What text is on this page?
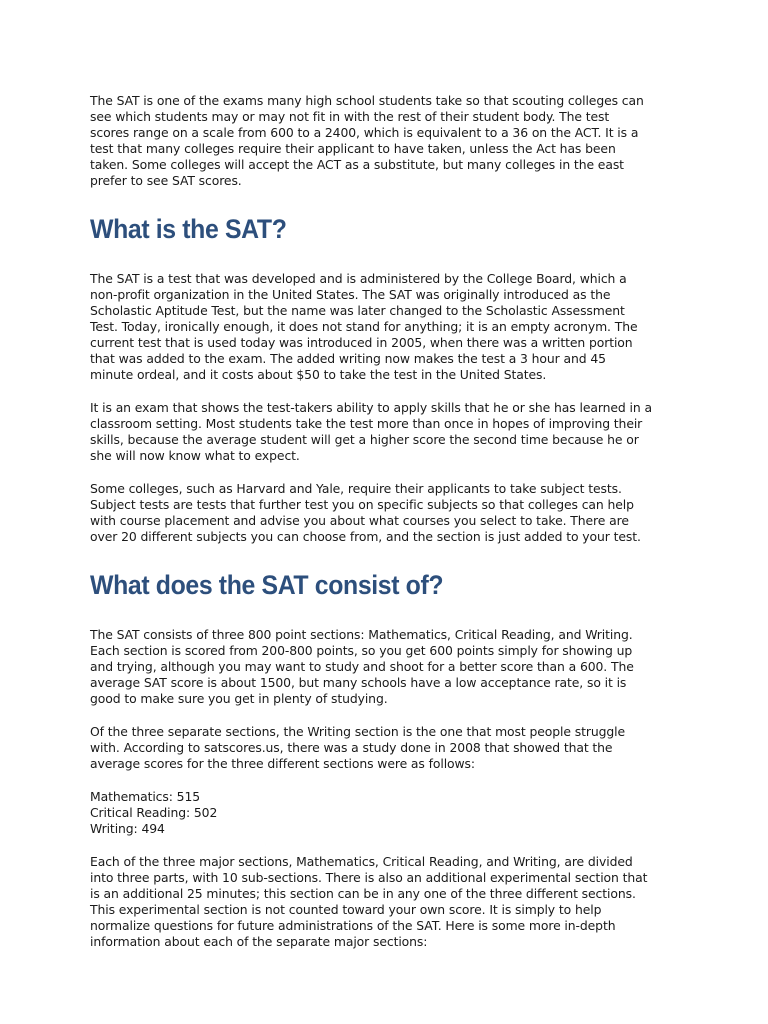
The SAT is one of the exams many high school students take so that scouting colleges can
see which students may or may not fit in with the rest of their student body. The test
scores range on a scale from 600 to a 2400, which is equivalent to a 36 on the ACT. It is a
test that many colleges require their applicant to have taken, unless the Act has been
taken. Some colleges will accept the ACT as a substitute, but many colleges in the east
prefer to see SAT scores.

What is the SAT?

The SAT is a test that was developed and is administered by the College Board, which a
non-profit organization in the United States. The SAT was originally introduced as the
Scholastic Aptitude Test, but the name was later changed to the Scholastic Assessment
Test. Today, ironically enough, it does not stand for anything; it is an empty acronym. The
current test that is used today was introduced in 2005, when there was a written portion
that was added to the exam. The added writing now makes the test a 3 hour and 45
minute ordeal, and it costs about $50 to take the test in the United States.

It is an exam that shows the test-takers ability to apply skills that he or she has learned in a
classroom setting. Most students take the test more than once in hopes of improving their
skills, because the average student will get a higher score the second time because he or
she will now know what to expect.

Some colleges, such as Harvard and Yale, require their applicants to take subject tests.
Subject tests are tests that further test you on specific subjects so that colleges can help
with course placement and advise you about what courses you select to take. There are
over 20 different subjects you can choose from, and the section is just added to your test.

What does the SAT consist of?

The SAT consists of three 800 point sections: Mathematics, Critical Reading, and Writing.
Each section is scored from 200-800 points, so you get 600 points simply for showing up
and trying, although you may want to study and shoot for a better score than a 600. The
average SAT score is about 1500, but many schools have a low acceptance rate, so it is
good to make sure you get in plenty of studying.

Of the three separate sections, the Writing section is the one that most people struggle
with. According to satscores.us, there was a study done in 2008 that showed that the
average scores for the three different sections were as follows:

Mathematics: 515

Critical Reading: 502

Writing: 494

Each of the three major sections, Mathematics, Critical Reading, and Writing, are divided
into three parts, with 10 sub-sections. There is also an additional experimental section that
is an additional 25 minutes; this section can be in any one of the three different sections.
This experimental section is not counted toward your own score. It is simply to help
normalize questions for future administrations of the SAT. Here is some more in-depth
information about each of the separate major sections:
